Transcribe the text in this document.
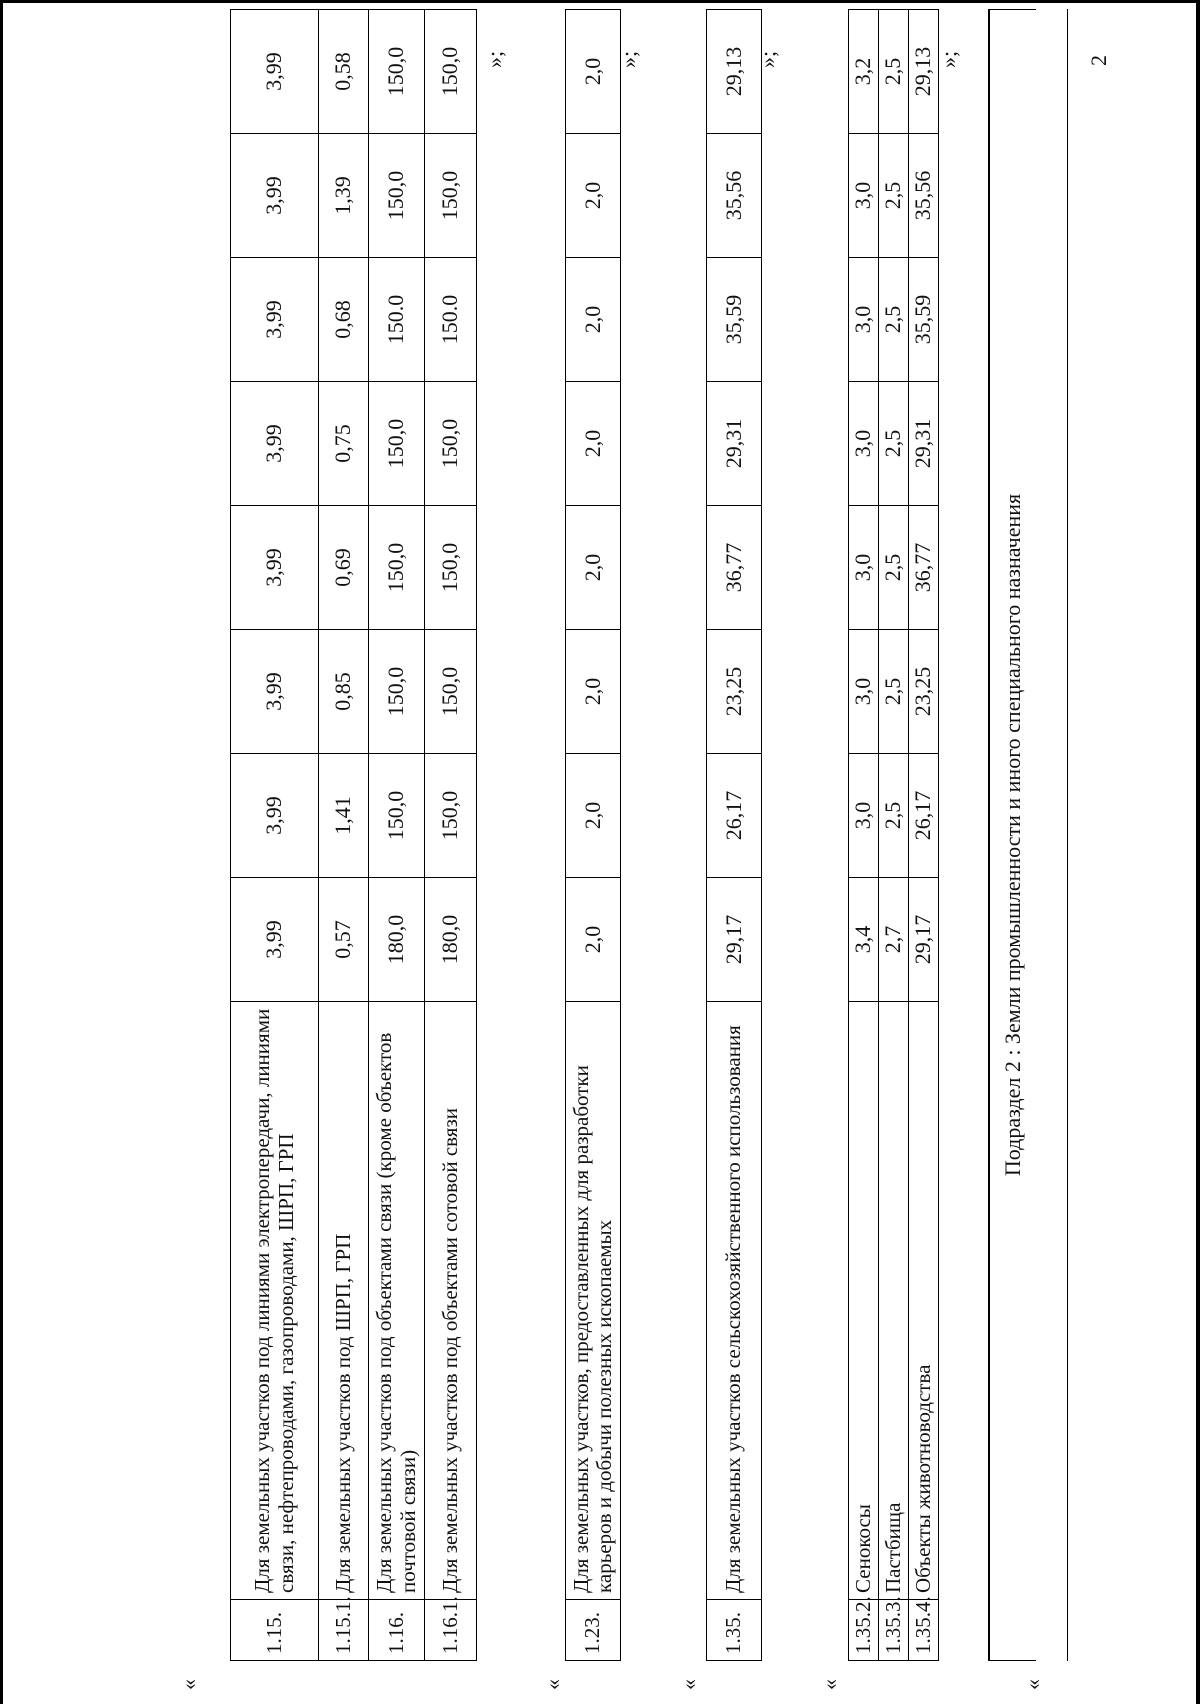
«
1.15.	Для земельных участков под линиями электропередачи, линиями связи, нефтепроводами, газопроводами, ШРП, ГРП	3,99	3,99	3,99	3,99	3,99	3,99	3,99	3,99
1.15.1.	Для земельных участков под ШРП, ГРП	0,57	1,41	0,85	0,69	0,75	0,68	1,39	0,58
1.16.	Для земельных участков под объектами связи (кроме объектов почтовой связи)	180,0	150,0	150,0	150,0	150,0	150.0	150,0	150,0
1.16.1.	Для земельных участков под объектами сотовой связи	180,0	150,0	150,0	150,0	150,0	150.0	150,0	150,0 »;
«
1.23.	Для земельных участков, предоставленных для разработки карьеров и добычи полезных ископаемых	2,0	2,0	2,0	2,0	2,0	2,0	2,0	2,0 »;
«
1.35.	Для земельных участков сельскохозяйственного использования	29,17	26,17	23,25	36,77	29,31	35,59	35,56	29,13 »;
«
1.35.2.	Сенокосы	3,4	3,0	3,0	3,0	3,0	3,0	3,0	3,2
1.35.3.	Пастбища	2,7	2,5	2,5	2,5	2,5	2,5	2,5	2,5
1.35.4.	Объекты животноводства	29,17	26,17	23,25	36,77	29,31	35,59	35,56	29,13 »;
«
Подраздел 2 : Земли промышленности и иного специального назначения
2
